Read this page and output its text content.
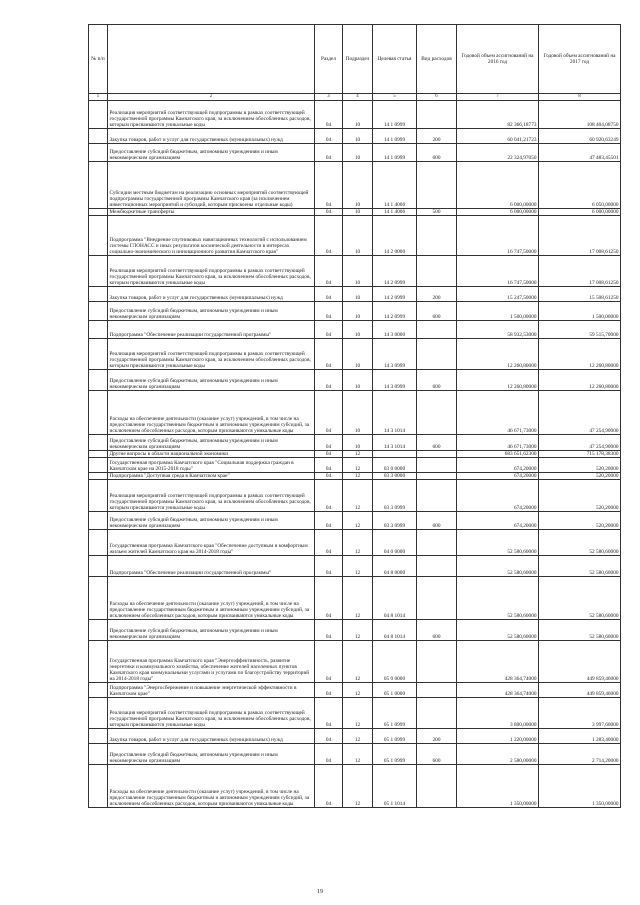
№ п/п		Раздел	Подраздел	Целевая статья	Вид расходов	Годовой объем ассигнований на 2016 год	Годовой объем ассигнований на 2017 год
1	2	3	4	5	6	7	8
	Реализация мероприятий соответствующей подпрограммы в рамках соответствующей государственной программы Камчатского края, за исключением обособленных расходов, которым присваиваются уникальные коды	04	10	14 1 0999		82 366,18773	108 404,08750
	Закупка товаров, работ и услуг для государственных (муниципальных) нужд	04	10	14 1 0999	200	60 041,21723	60 920,63249
	Предоставление субсидий бюджетным, автономным учреждениям и иным некоммерческим организациям	04	10	14 1 0999	600	22 324,97050	47 483,45501
	Субсидии местным бюджетам на реализацию основных мероприятий соответствующей подпрограммы государственной программы Камчатского края (за исключением инвестиционных мероприятий и субсидий, которым присвоены отдельные коды)	04	10	14 1 4006		6 000,00000	6 050,00000
	Межбюджетные трансферты	04	10	14 1 4006	500	6 000,00000	6 000,00000
	Подпрограмма "Внедрение спутниковых навигационных технологий с использованием системы ГЛОНАСС и иных результатов космической деятельности в интересах социально-экономического и инновационного развития Камчатского края"	04	10	14 2 0000		16 747,50000	17 008,61250
	Реализация мероприятий соответствующей подпрограммы в рамках соответствующей государственной программы Камчатского края, за исключением обособленных расходов, которым присваиваются уникальные коды	04	10	14 2 0999		16 747,50000	17 008,61250
	Закупка товаров, работ и услуг для государственных (муниципальных) нужд	04	10	14 2 0999	200	15 247,50000	15 508,61250
	Предоставление субсидий бюджетным, автономным учреждениям и иным некоммерческим организациям	04	10	14 2 0999	600	1 500,00000	1 500,00000
	Подпрограмма "Обеспечение реализации государственной программы"	04	10	14 3 0000		58 932,53000	59 515,70000
	Реализация мероприятий соответствующей подпрограммы в рамках соответствующей государственной программы Камчатского края, за исключением обособленных расходов, которым присваиваются уникальные коды	04	10	14 3 0999		12 260,80000	12 260,80000
	Предоставление субсидий бюджетным, автономным учреждениям и иным некоммерческим организациям	04	10	14 3 0999	600	12 260,80000	12 260,80000
	Расходы на обеспечение деятельности (оказание услуг) учреждений, в том числе на предоставление государственным бюджетным и автономным учреждениям субсидий, за исключением обособленных расходов, которым присваиваются уникальные коды	04	10	14 3 1014		46 671,73000	47 254,90000
	Предоставление субсидий бюджетным, автономным учреждениям и иным некоммерческим организациям	04	10	14 3 1014	600	46 671,73000	47 254,90000
	Другие вопросы в области национальной экономики	04	12			683 651,62300	715 178,38300
	Государственная программа Камчатского края "Социальная поддержка граждан в Камчатском крае на 2015-2018 годы"	04	12	03 0 0000		674,20000	520,20000
	Подпрограмма "Доступная среда в Камчатском крае"	04	12	03 3 0000		674,20000	520,20000
	Реализация мероприятий соответствующей подпрограммы в рамках соответствующей государственной программы Камчатского края, за исключением обособленных расходов, которым присваиваются уникальные коды	04	12	03 3 0999		674,20000	520,20000
	Предоставление субсидий бюджетным, автономным учреждениям и иным некоммерческим организациям	04	12	03 3 0999	600	674,20000	520,20000
	Государственная программа Камчатского края "Обеспечение доступным и комфортным жильем жителей Камчатского края на 2014-2018 годы"	04	12	04 0 0000		52 580,60000	52 580,60000
	Подпрограмма "Обеспечение реализации государственной программы"	04	12	04 8 0000		52 580,60000	52 580,60000
	Расходы на обеспечение деятельности (оказание услуг) учреждений, в том числе на предоставление государственным бюджетным и автономным учреждениям субсидий, за исключением обособленных расходов, которым присваиваются уникальные коды	04	12	04 8 1014		52 580,60000	52 580,60000
	Предоставление субсидий бюджетным, автономным учреждениям и иным некоммерческим организациям	04	12	04 8 1014	600	52 580,60000	52 580,60000
	Государственная программа Камчатского края "Энергоэффективность, развитие энергетики и коммунального хозяйства, обеспечение жителей населенных пунктов Камчатского края коммунальными услугами и услугами по благоустройству территорий на 2014-2018 годы"	04	12	05 0 0000		428 364,74000	449 859,46000
	Подпрограмма "Энергосбережение и повышение энергетической эффективности в Камчатском крае"	04	12	05 1 0000		428 364,74000	449 859,46000
	Реализация мероприятий соответствующей подпрограммы в рамках соответствующей государственной программы Камчатского края, за исключением обособленных расходов, которым присваиваются уникальные коды	04	12	05 1 0999		3 800,00000	3 997,60000
	Закупка товаров, работ и услуг для государственных (муниципальных) нужд	04	12	05 1 0999	200	1 220,00000	1 283,40000
	Предоставление субсидий бюджетным, автономным учреждениям и иным некоммерческим организациям	04	12	05 1 0999	600	2 580,00000	2 714,20000
	Расходы на обеспечение деятельности (оказание услуг) учреждений, в том числе на предоставление государственным бюджетным и автономным учреждениям субсидий, за исключением обособленных расходов, которым присваиваются уникальные коды	04	12	05 1 1014		1 350,00000	1 350,00000
19
